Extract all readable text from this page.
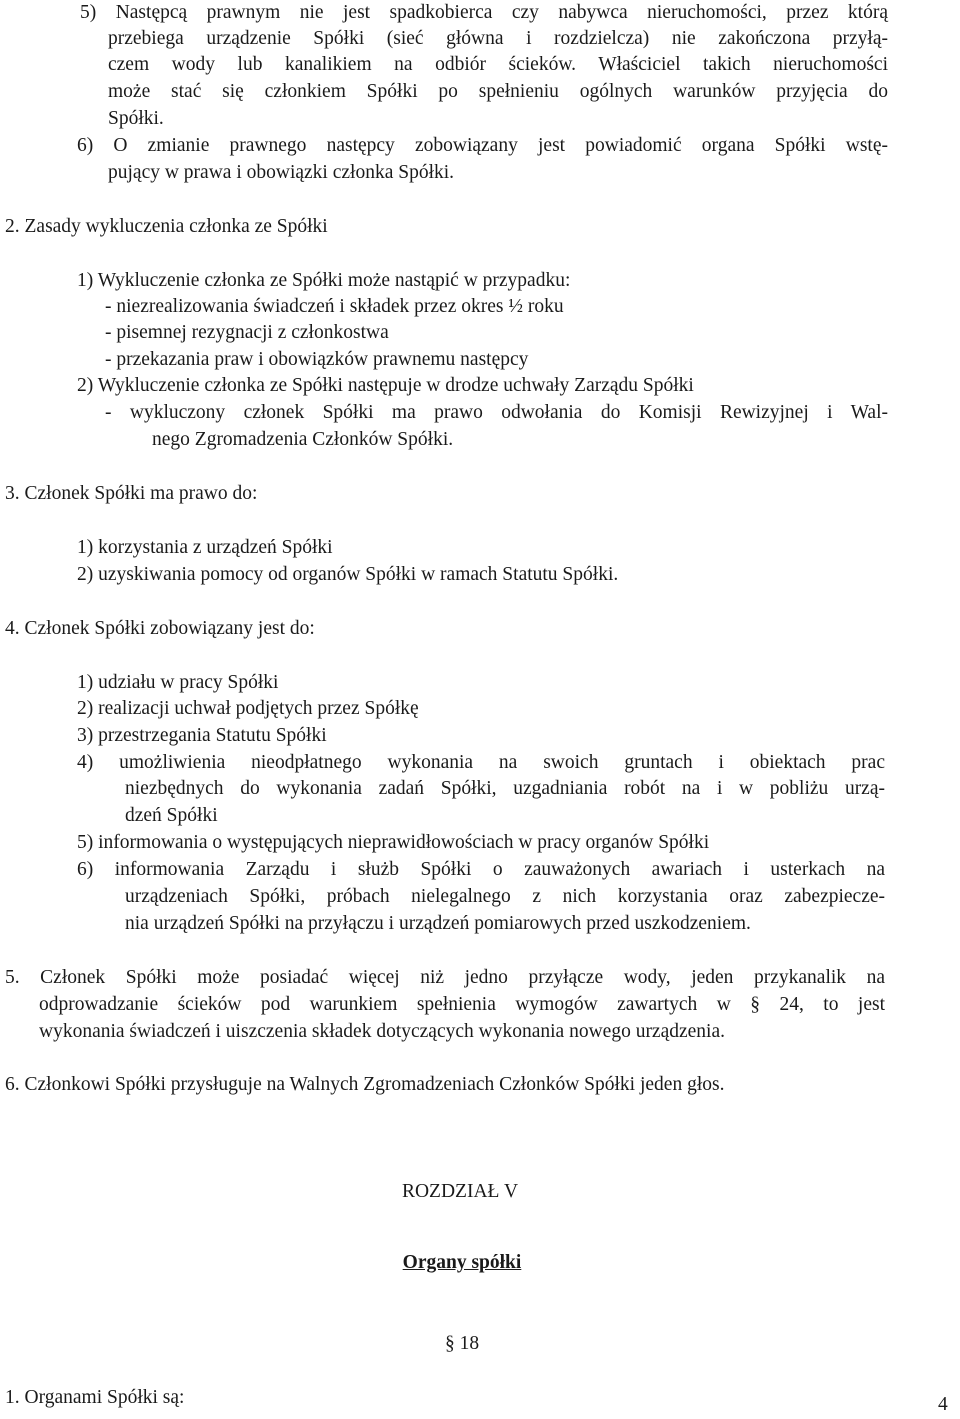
5) Następcą prawnym nie jest spadkobierca czy nabywca nieruchomości, przez którą
przebiega urządzenie Spółki (sieć główna i rozdzielcza) nie zakończona przyłą-
czem wody lub kanalikiem na odbiór ścieków. Właściciel takich nieruchomości
może stać się członkiem Spółki po spełnieniu ogólnych warunków przyjęcia do
Spółki.
6) O zmianie prawnego następcy zobowiązany jest powiadomić organa Spółki wstę-
pujący w prawa i obowiązki członka Spółki.
2. Zasady wykluczenia członka ze Spółki
1) Wykluczenie członka ze Spółki może nastąpić w przypadku:
- niezrealizowania świadczeń i składek przez okres ½ roku
- pisemnej rezygnacji z członkostwa
- przekazania praw i obowiązków prawnemu następcy
2) Wykluczenie członka ze Spółki następuje w drodze uchwały Zarządu Spółki
- wykluczony członek Spółki ma prawo odwołania do Komisji Rewizyjnej i Wal-
nego Zgromadzenia Członków Spółki.
3. Członek Spółki ma prawo do:
1) korzystania z urządzeń Spółki
2) uzyskiwania pomocy od organów Spółki w ramach Statutu Spółki.
4. Członek Spółki zobowiązany jest do:
1) udziału w pracy Spółki
2) realizacji uchwał podjętych przez Spółkę
3) przestrzegania Statutu Spółki
4) umożliwienia nieodpłatnego wykonania na swoich gruntach i obiektach prac
niezbędnych do wykonania zadań Spółki, uzgadniania robót na i w pobliżu urzą-
dzeń Spółki
5) informowania o występujących nieprawidłowościach w pracy organów Spółki
6) informowania Zarządu i służb Spółki o zauważonych awariach i usterkach na
urządzeniach Spółki, próbach nielegalnego z nich korzystania oraz zabezpiecze-
nia urządzeń Spółki na przyłączu i urządzeń pomiarowych przed uszkodzeniem.
5. Członek Spółki może posiadać więcej niż jedno przyłącze wody, jeden przykanalik na
odprowadzanie ścieków pod warunkiem spełnienia wymogów zawartych w § 24, to jest
wykonania świadczeń i uiszczenia składek dotyczących wykonania nowego urządzenia.
6. Członkowi Spółki przysługuje na Walnych Zgromadzeniach Członków Spółki jeden głos.
ROZDZIAŁ V
Organy spółki
§ 18
1. Organami Spółki są:	4
